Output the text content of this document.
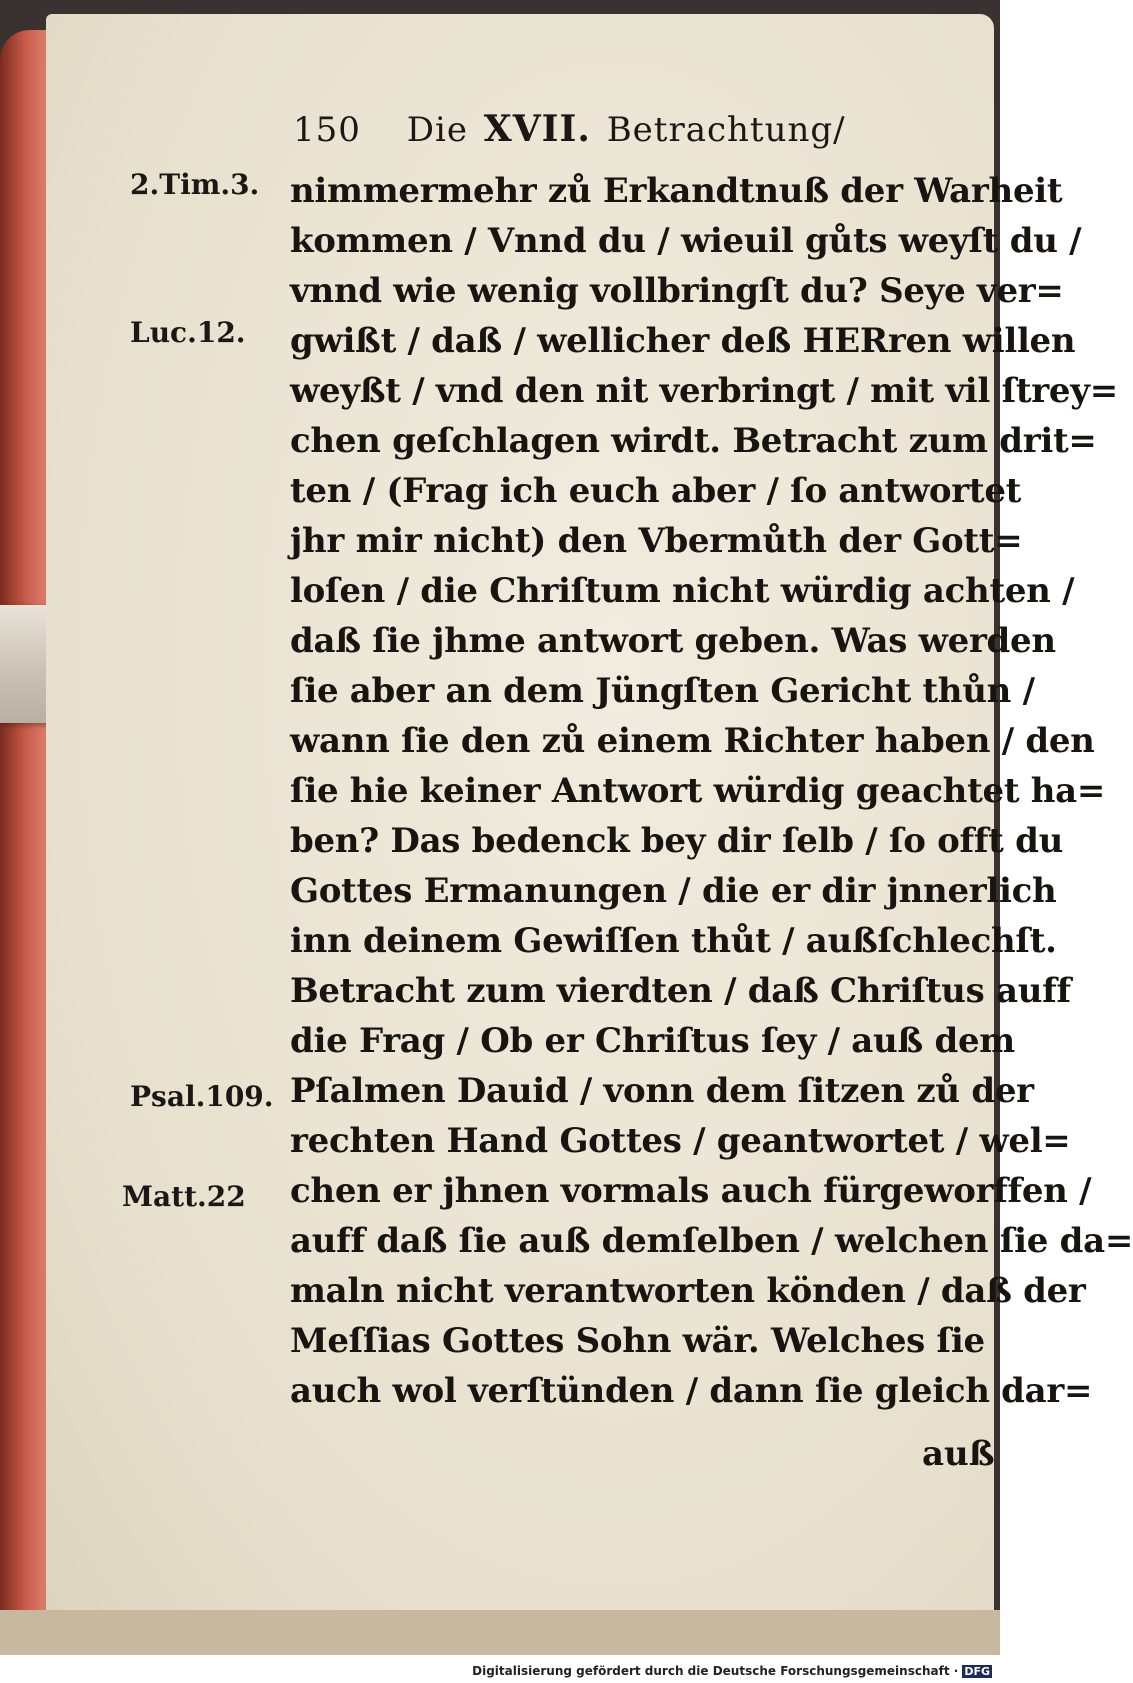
150 Die XVII. Betrachtung/
2.Tim.3.
Luc.12.
Psal.109.
Matt.22
nimmermehr zů Erkandtnuß der Warheit
kommen / Vnnd du / wieuil gůts weyſt du /
vnnd wie wenig vollbringſt du? Seye ver=
gwißt / daß / wellicher deß HERren willen
weyßt / vnd den nit verbringt / mit vil ſtrey=
chen geſchlagen wirdt. Betracht zum drit=
ten / (Frag ich euch aber / ſo antwortet
jhr mir nicht) den Vbermůth der Gott=
loſen / die Chriſtum nicht würdig achten /
daß ſie jhme antwort geben. Was werden
ſie aber an dem Jüngſten Gericht thůn /
wann ſie den zů einem Richter haben / den
ſie hie keiner Antwort würdig geachtet ha=
ben? Das bedenck bey dir ſelb / ſo offt du
Gottes Ermanungen / die er dir jnnerlich
inn deinem Gewiſſen thůt / außſchlechſt.
Betracht zum vierdten / daß Chriſtus auff
die Frag / Ob er Chriſtus ſey / auß dem
Pſalmen Dauid / vonn dem ſitzen zů der
rechten Hand Gottes / geantwortet / wel=
chen er jhnen vormals auch fürgeworffen /
auff daß ſie auß demſelben / welchen ſie da=
maln nicht verantworten könden / daß der
Meſſias Gottes Sohn wär. Welches ſie
auch wol verſtünden / dann ſie gleich dar=
auß
Digitalisierung gefördert durch die Deutsche Forschungsgemeinschaft · DFG
